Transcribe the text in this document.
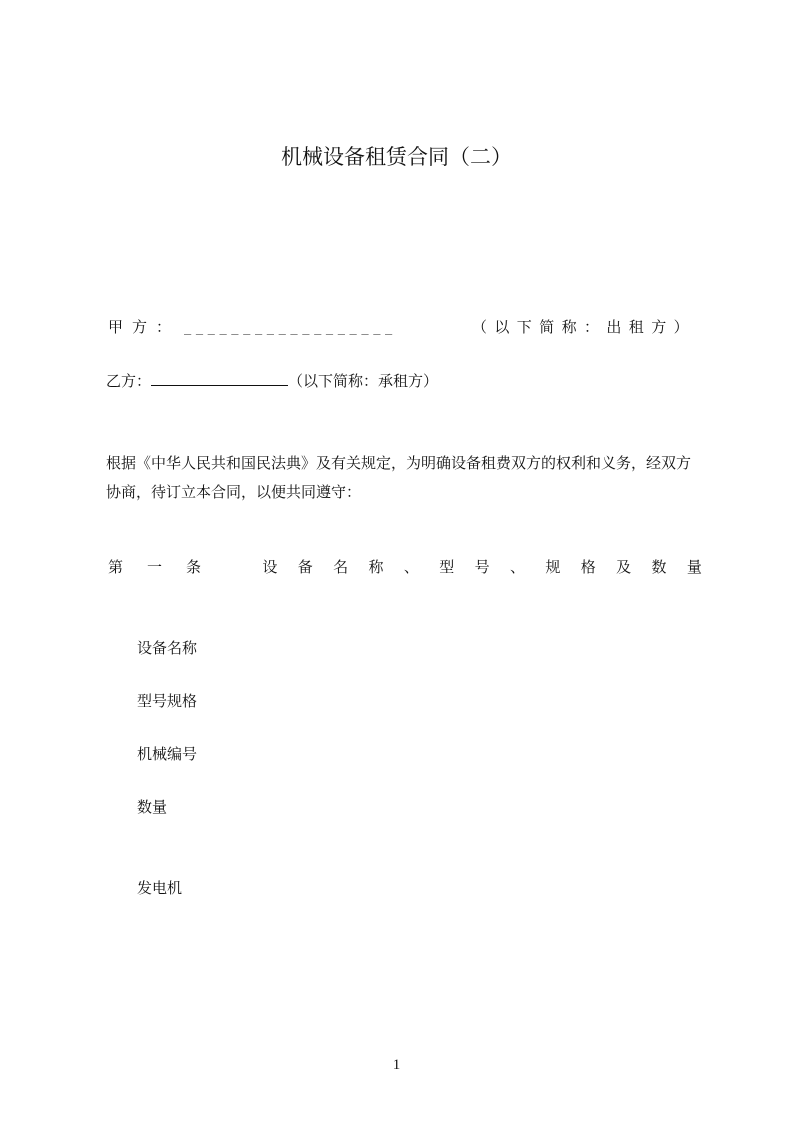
机械设备租赁合同（二）
甲方： __________________	（以下简称：出租方）
乙方：	（以下简称：承租方）
根据《中华人民共和国民法典》及有关规定，为明确设备租费双方的权利和义务，经双方协商，待订立本合同，以便共同遵守：
第一条	设 备 名 称 、 型 号 、 规 格 及 数 量
设备名称
型号规格
机械编号
数量
发电机
1
